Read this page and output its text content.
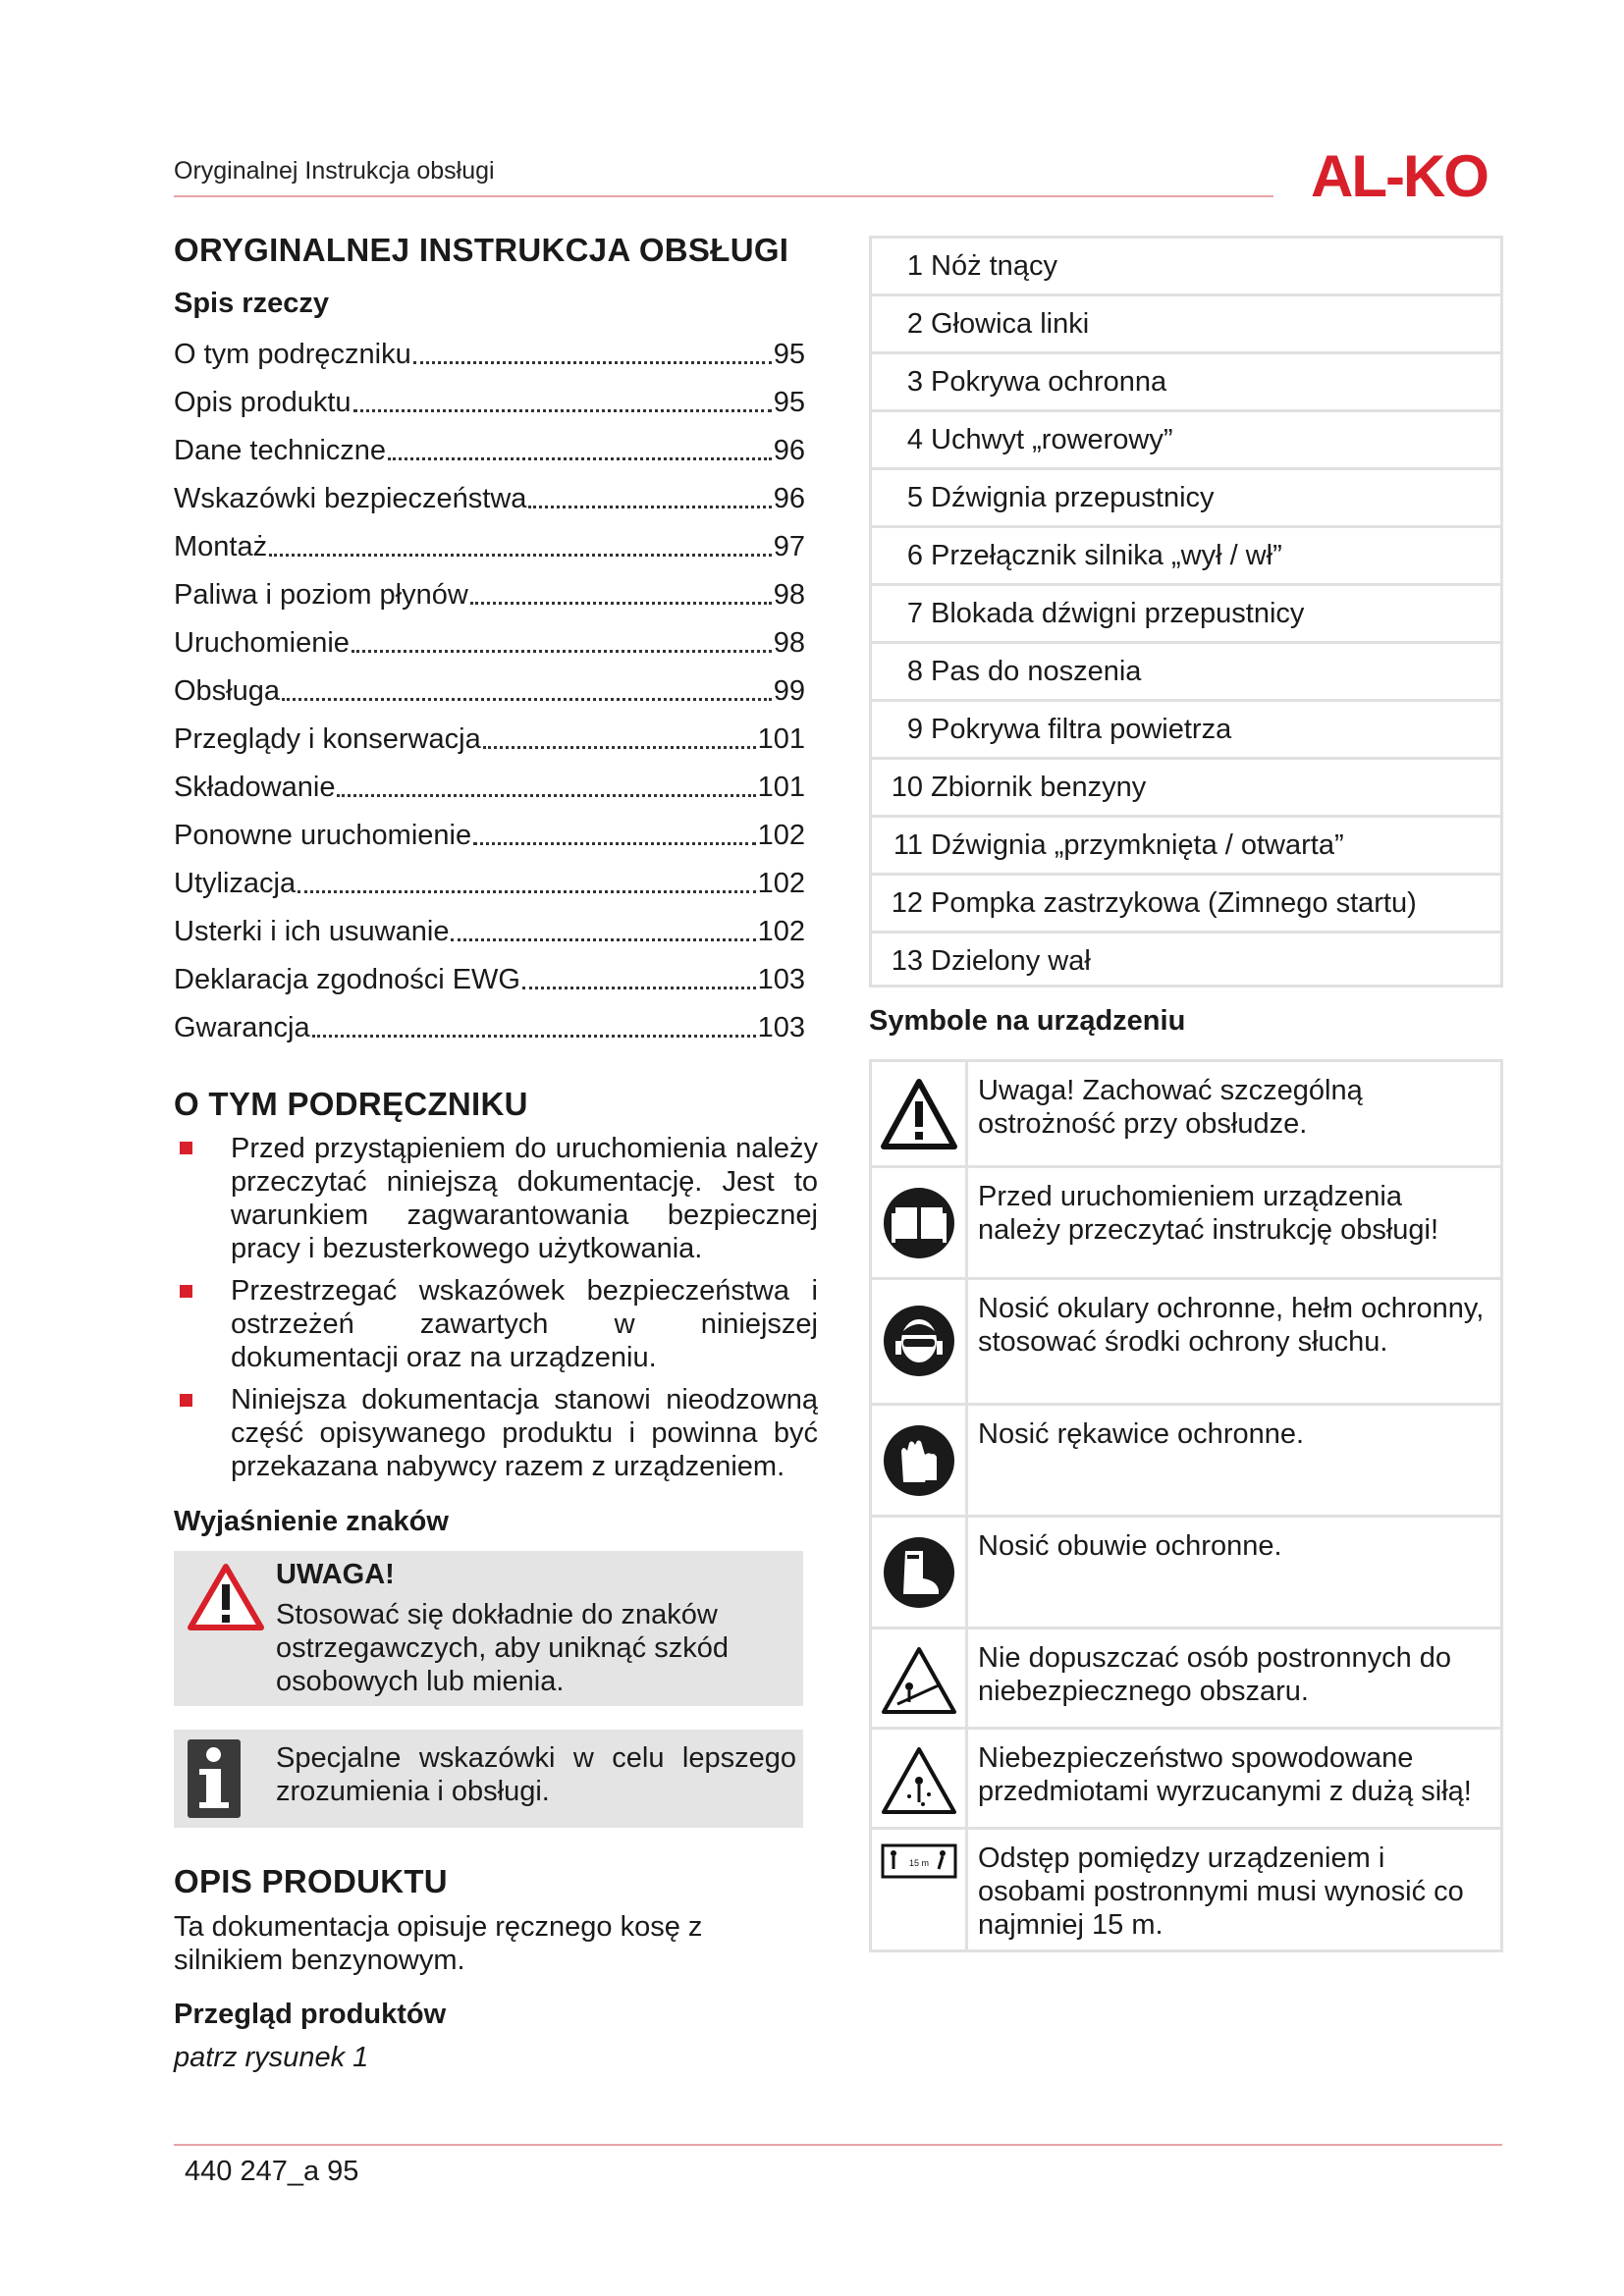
Oryginalnej Instrukcja obsługi	AL-KO
ORYGINALNEJ INSTRUKCJA OBSŁUGI
Spis rzeczy
O tym podręczniku	95
Opis produktu	95
Dane techniczne	96
Wskazówki bezpieczeństwa	96
Montaż	97
Paliwa i poziom płynów	98
Uruchomienie	98
Obsługa	99
Przeglądy i konserwacja	101
Składowanie	101
Ponowne uruchomienie	102
Utylizacja	102
Usterki i ich usuwanie	102
Deklaracja zgodności EWG	103
Gwarancja	103
O TYM PODRĘCZNIKU
Przed przystąpieniem do uruchomienia należy przeczytać niniejszą dokumentację. Jest to warunkiem zagwarantowania bezpiecznej pracy i bezusterkowego użytkowania.
Przestrzegać wskazówek bezpieczeństwa i ostrzeżeń zawartych w niniejszej dokumentacji oraz na urządzeniu.
Niniejsza dokumentacja stanowi nieodzowną część opisywanego produktu i powinna być przekazana nabywcy razem z urządzeniem.
Wyjaśnienie znaków
UWAGA!
Stosować się dokładnie do znaków ostrzegawczych, aby uniknąć szkód osobowych lub mienia.
Specjalne wskazówki w celu lepszego zrozumienia i obsługi.
OPIS PRODUKTU
Ta dokumentacja opisuje ręcznego kosę z silnikiem benzynowym.
Przegląd produktów
patrz rysunek 1
1 Nóż tnący
2 Głowica linki
3 Pokrywa ochronna
4 Uchwyt „rowerowy”
5 Dźwignia przepustnicy
6 Przełącznik silnika „wył / wł”
7 Blokada dźwigni przepustnicy
8 Pas do noszenia
9 Pokrywa filtra powietrza
10 Zbiornik benzyny
11 Dźwignia „przymknięta / otwarta”
12 Pompka zastrzykowa (Zimnego startu)
13 Dzielony wał
Symbole na urządzeniu
Uwaga! Zachować szczególną ostrożność przy obsłudze.
Przed uruchomieniem urządzenia należy przeczytać instrukcję obsługi!
Nosić okulary ochronne, hełm ochronny, stosować środki ochrony słuchu.
Nosić rękawice ochronne.
Nosić obuwie ochronne.
Nie dopuszczać osób postronnych do niebezpiecznego obszaru.
Niebezpieczeństwo spowodowane przedmiotami wyrzucanymi z dużą siłą!
15 m Odstęp pomiędzy urządzeniem i osobami postronnymi musi wynosić co najmniej 15 m.
440 247_a 95
